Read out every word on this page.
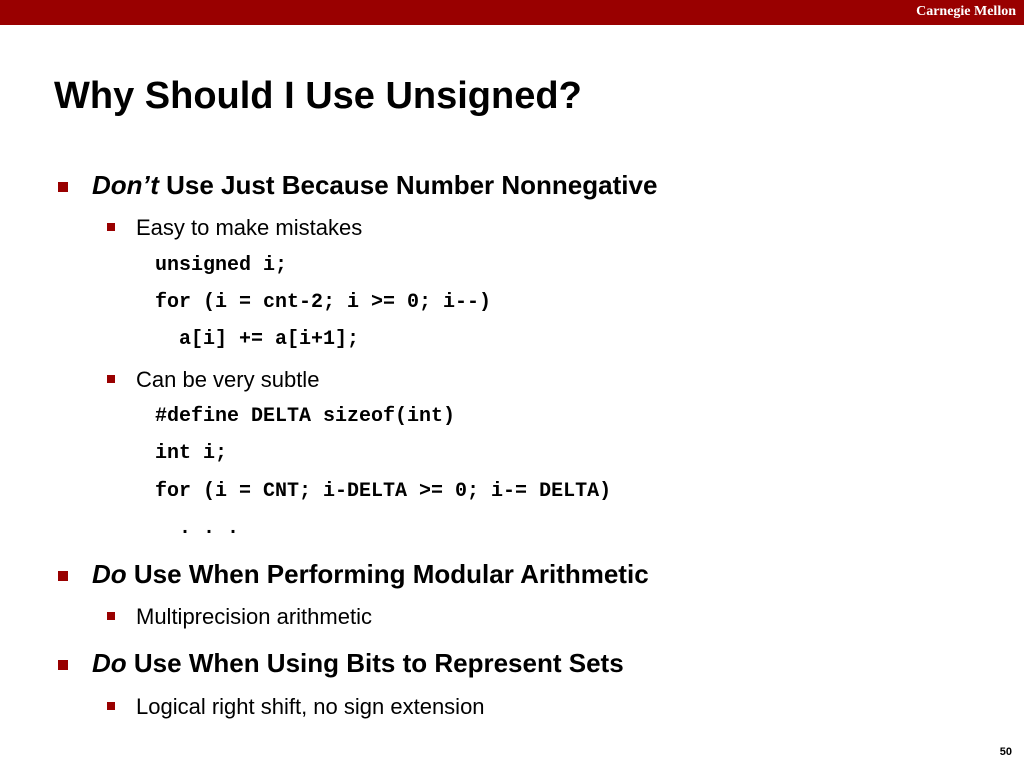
Carnegie Mellon
Why Should I Use Unsigned?
Don’t Use Just Because Number Nonnegative
Easy to make mistakes
unsigned i;
for (i = cnt-2; i >= 0; i--)
a[i] += a[i+1];
Can be very subtle
#define DELTA sizeof(int)
int i;
for (i = CNT; i-DELTA >= 0; i-= DELTA)
. . .
Do Use When Performing Modular Arithmetic
Multiprecision arithmetic
Do Use When Using Bits to Represent Sets
Logical right shift, no sign extension
50
